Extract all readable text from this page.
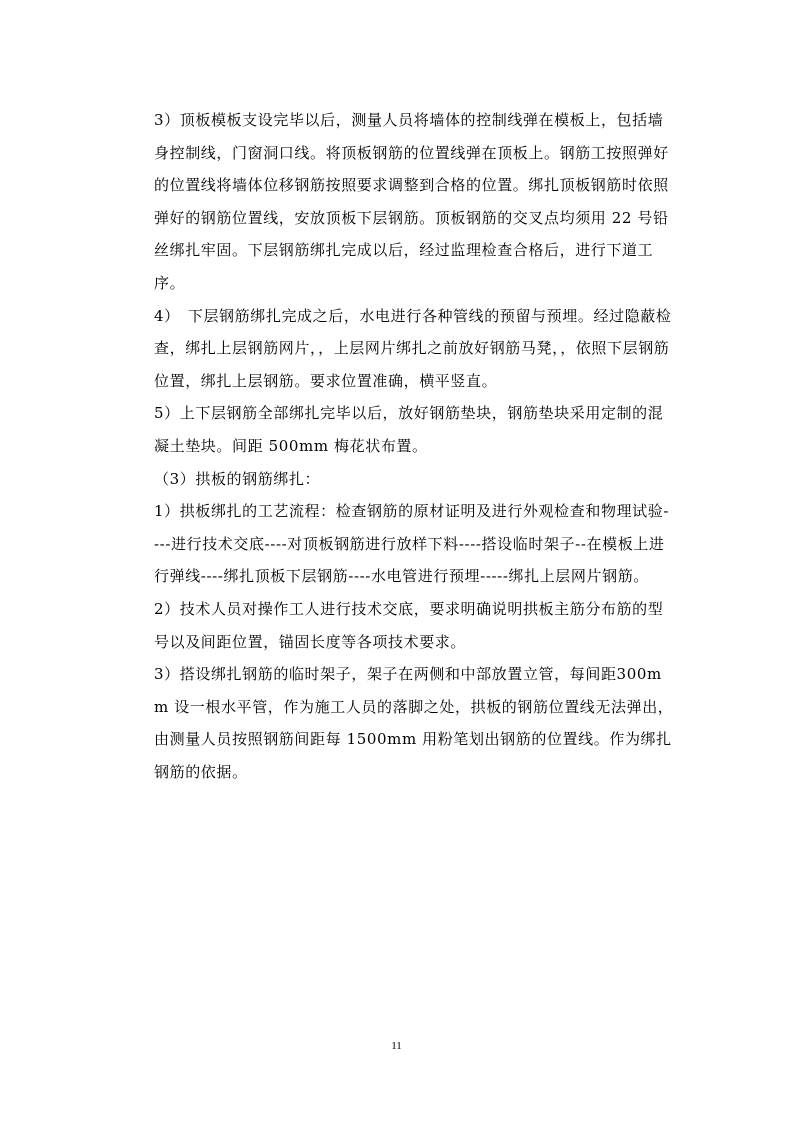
3）顶板模板支设完毕以后，测量人员将墙体的控制线弹在模板上，包括墙身控制线，门窗洞口线。将顶板钢筋的位置线弹在顶板上。钢筋工按照弹好的位置线将墙体位移钢筋按照要求调整到合格的位置。绑扎顶板钢筋时依照弹好的钢筋位置线，安放顶板下层钢筋。顶板钢筋的交叉点均须用 22 号铅丝绑扎牢固。下层钢筋绑扎完成以后，经过监理检查合格后，进行下道工序。

4）　下层钢筋绑扎完成之后，水电进行各种管线的预留与预埋。经过隐蔽检查，绑扎上层钢筋网片，，上层网片绑扎之前放好钢筋马凳，，依照下层钢筋位置，绑扎上层钢筋。要求位置准确，横平竖直。

5）上下层钢筋全部绑扎完毕以后，放好钢筋垫块，钢筋垫块采用定制的混凝土垫块。间距 500mm 梅花状布置。

（3）拱板的钢筋绑扎：

1）拱板绑扎的工艺流程：检查钢筋的原材证明及进行外观检查和物理试验----进行技术交底----对顶板钢筋进行放样下料----搭设临时架子--在模板上进行弹线----绑扎顶板下层钢筋----水电管进行预埋-----绑扎上层网片钢筋。

2）技术人员对操作工人进行技术交底，要求明确说明拱板主筋分布筋的型号以及间距位置，锚固长度等各项技术要求。

3）搭设绑扎钢筋的临时架子，架子在两侧和中部放置立管，每间距300mm 设一根水平管，作为施工人员的落脚之处，拱板的钢筋位置线无法弹出，由测量人员按照钢筋间距每 1500mm 用粉笔划出钢筋的位置线。作为绑扎钢筋的依据。

11
